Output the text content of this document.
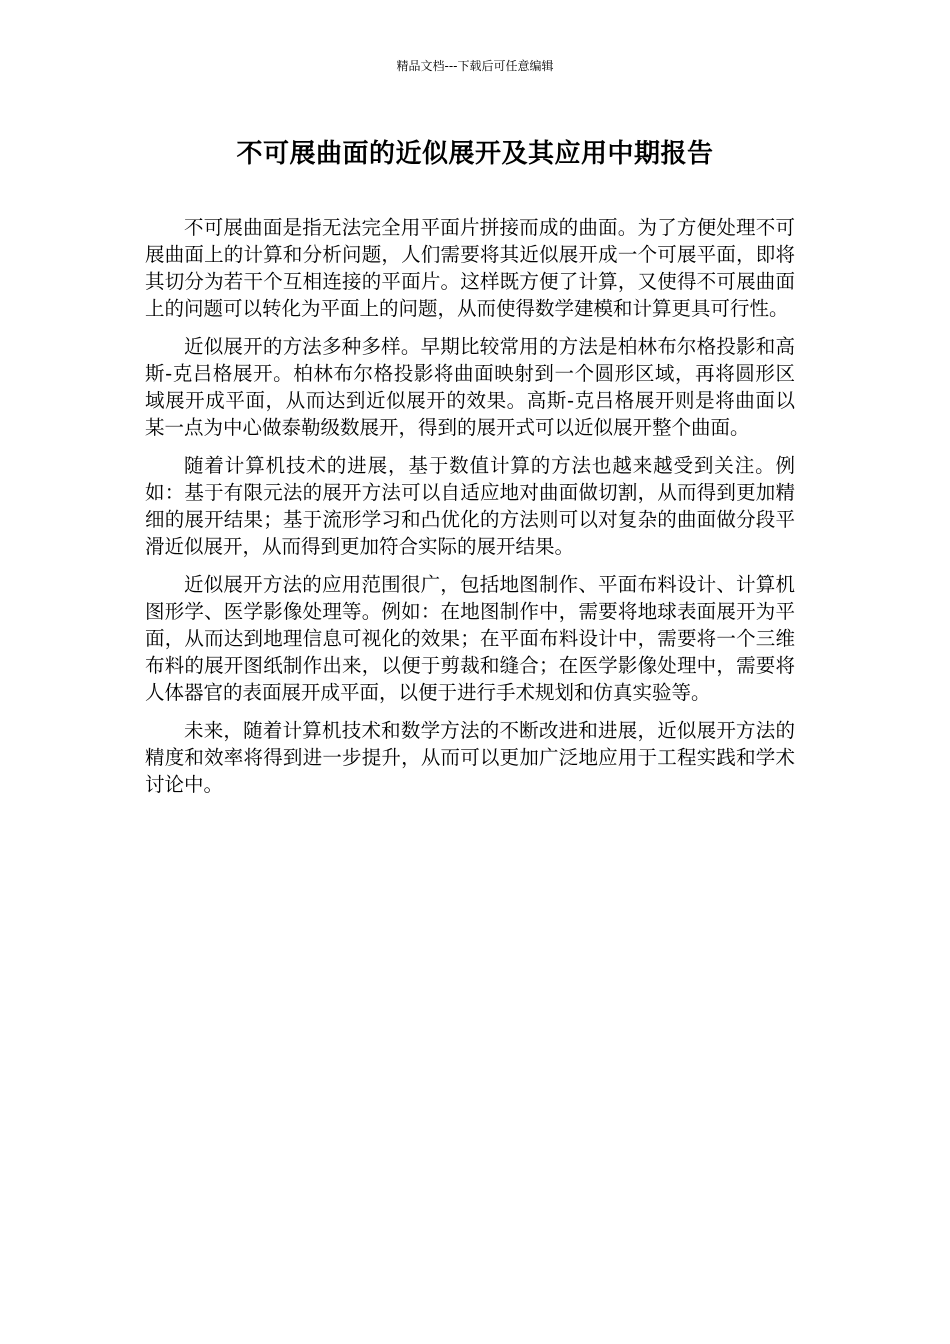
精品文档---下载后可任意编辑
不可展曲面的近似展开及其应用中期报告

不可展曲面是指无法完全用平面片拼接而成的曲面。为了方便处理不可展曲面上的计算和分析问题，人们需要将其近似展开成一个可展平面，即将其切分为若干个互相连接的平面片。这样既方便了计算，又使得不可展曲面上的问题可以转化为平面上的问题，从而使得数学建模和计算更具可行性。

近似展开的方法多种多样。早期比较常用的方法是柏林布尔格投影和高斯-克吕格展开。柏林布尔格投影将曲面映射到一个圆形区域，再将圆形区域展开成平面，从而达到近似展开的效果。高斯-克吕格展开则是将曲面以某一点为中心做泰勒级数展开，得到的展开式可以近似展开整个曲面。

随着计算机技术的进展，基于数值计算的方法也越来越受到关注。例如：基于有限元法的展开方法可以自适应地对曲面做切割，从而得到更加精细的展开结果；基于流形学习和凸优化的方法则可以对复杂的曲面做分段平滑近似展开，从而得到更加符合实际的展开结果。

近似展开方法的应用范围很广，包括地图制作、平面布料设计、计算机图形学、医学影像处理等。例如：在地图制作中，需要将地球表面展开为平面，从而达到地理信息可视化的效果；在平面布料设计中，需要将一个三维布料的展开图纸制作出来，以便于剪裁和缝合；在医学影像处理中，需要将人体器官的表面展开成平面，以便于进行手术规划和仿真实验等。

未来，随着计算机技术和数学方法的不断改进和进展，近似展开方法的精度和效率将得到进一步提升，从而可以更加广泛地应用于工程实践和学术讨论中。
